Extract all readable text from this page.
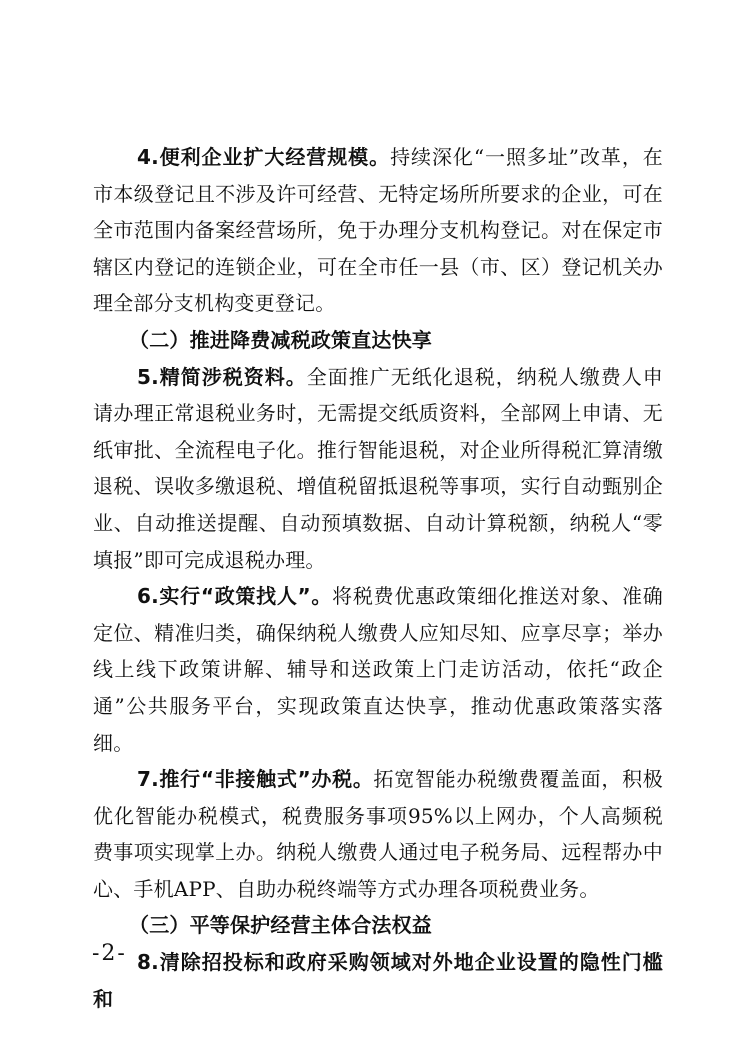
4.便利企业扩大经营规模。持续深化“一照多址”改革，在市本级登记且不涉及许可经营、无特定场所所要求的企业，可在全市范围内备案经营场所，免于办理分支机构登记。对在保定市辖区内登记的连锁企业，可在全市任一县（市、区）登记机关办理全部分支机构变更登记。

（二）推进降费减税政策直达快享

5.精简涉税资料。全面推广无纸化退税，纳税人缴费人申请办理正常退税业务时，无需提交纸质资料，全部网上申请、无纸审批、全流程电子化。推行智能退税，对企业所得税汇算清缴退税、误收多缴退税、增值税留抵退税等事项，实行自动甄别企业、自动推送提醒、自动预填数据、自动计算税额，纳税人“零填报”即可完成退税办理。

6.实行“政策找人”。将税费优惠政策细化推送对象、准确定位、精准归类，确保纳税人缴费人应知尽知、应享尽享；举办线上线下政策讲解、辅导和送政策上门走访活动，依托“政企通”公共服务平台，实现政策直达快享，推动优惠政策落实落细。

7.推行“非接触式”办税。拓宽智能办税缴费覆盖面，积极优化智能办税模式，税费服务事项95%以上网办，个人高频税费事项实现掌上办。纳税人缴费人通过电子税务局、远程帮办中心、手机APP、自助办税终端等方式办理各项税费业务。

（三）平等保护经营主体合法权益

8.清除招投标和政府采购领域对外地企业设置的隐性门槛和

-2-
